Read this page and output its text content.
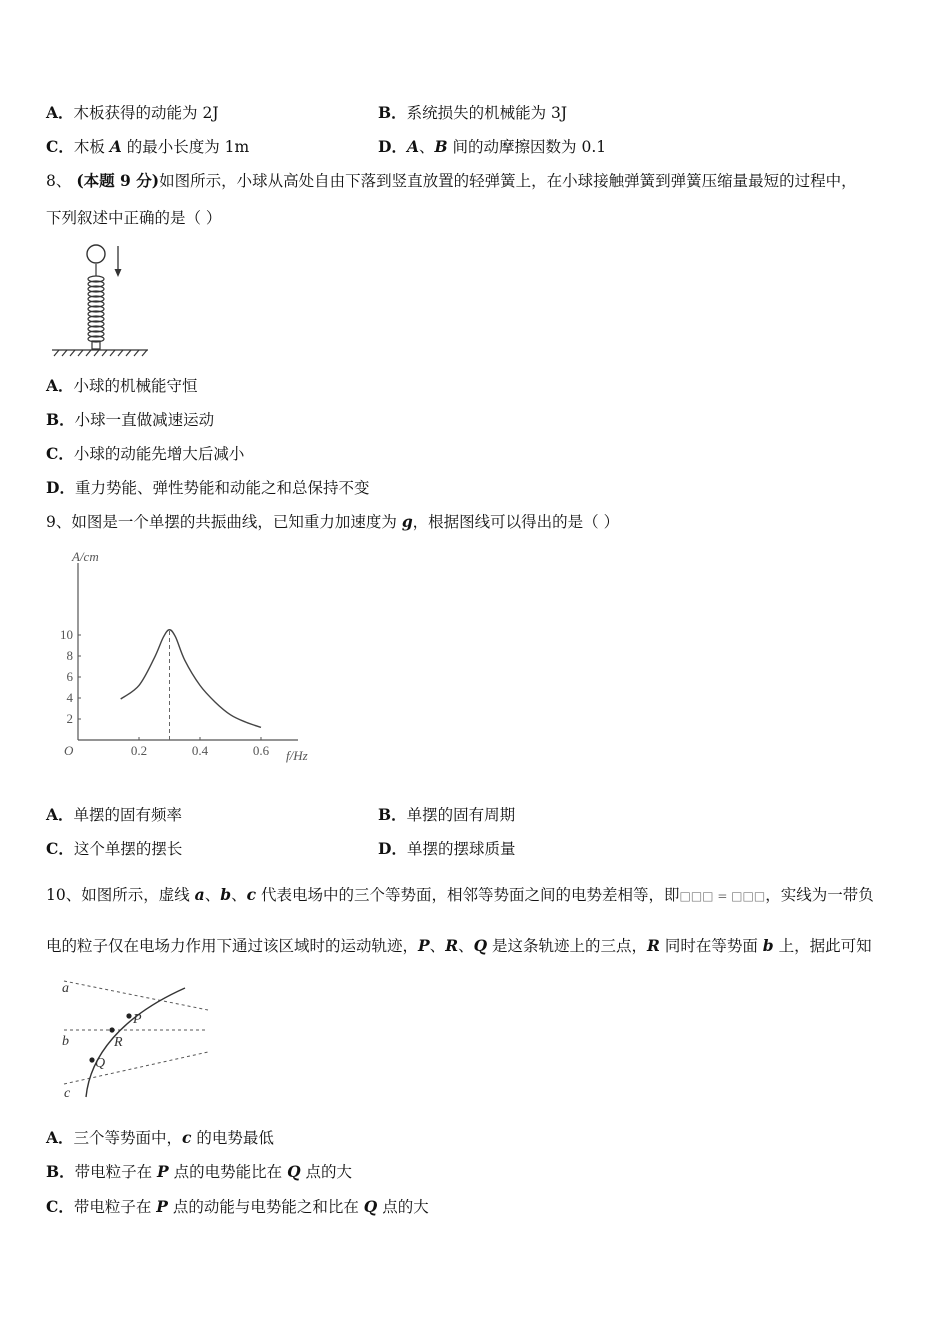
A．木板获得的动能为 2J	B．系统损失的机械能为 3J
C．木板 A 的最小长度为 1m	D．A、B 间的动摩擦因数为 0.1
8、 (本题 9 分)如图所示，小球从高处自由下落到竖直放置的轻弹簧上，在小球接触弹簧到弹簧压缩量最短的过程中，
下列叙述中正确的是（ ）
A．小球的机械能守恒
B．小球一直做减速运动
C．小球的动能先增大后减小
D．重力势能、弹性势能和动能之和总保持不变
9、如图是一个单摆的共振曲线，已知重力加速度为 g，根据图线可以得出的是（ ）
A/cm
f/Hz
O	0.2	0.4	0.6
2
4
6
8
10
A．单摆的固有频率	B．单摆的固有周期
C．这个单摆的摆长	D．单摆的摆球质量
10、如图所示，虚线 a、b、c 代表电场中的三个等势面，相邻等势面之间的电势差相等，即□□□ = □□□，实线为一带负
电的粒子仅在电场力作用下通过该区域时的运动轨迹，P、R、Q 是这条轨迹上的三点，R 同时在等势面 b 上，据此可知
a
b
c
P
R
Q
A．三个等势面中，c 的电势最低
B．带电粒子在 P 点的电势能比在 Q 点的大
C．带电粒子在 P 点的动能与电势能之和比在 Q 点的大
